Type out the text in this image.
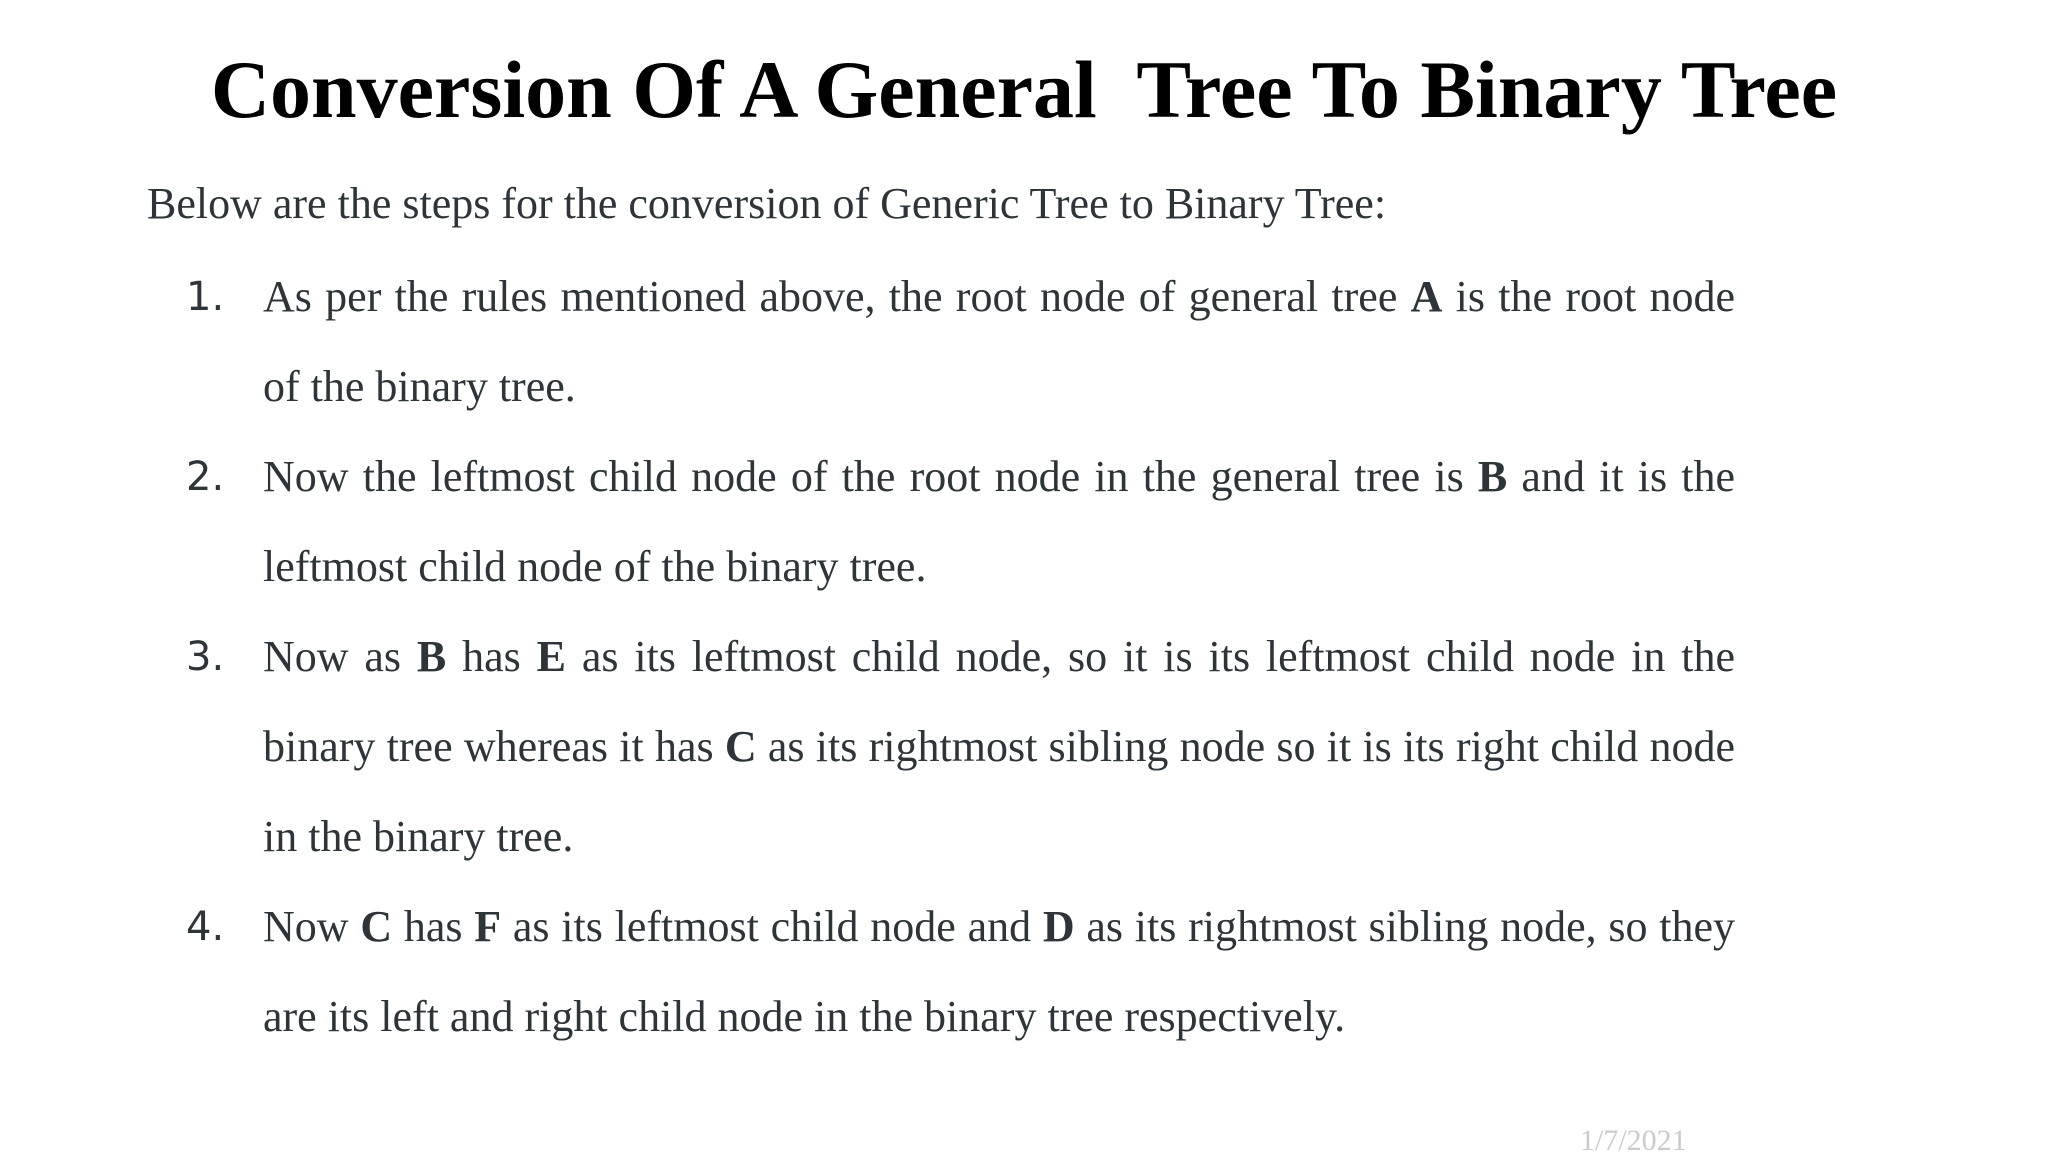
Conversion Of A General  Tree To Binary Tree

Below are the steps for the conversion of Generic Tree to Binary Tree:

1. As per the rules mentioned above, the root node of general tree A is the root node of the binary tree.

2. Now the leftmost child node of the root node in the general tree is B and it is the leftmost child node of the binary tree.

3. Now as B has E as its leftmost child node, so it is its leftmost child node in the binary tree whereas it has C as its rightmost sibling node so it is its right child node in the binary tree.

4. Now C has F as its leftmost child node and D as its rightmost sibling node, so they are its left and right child node in the binary tree respectively.

1/7/2021
